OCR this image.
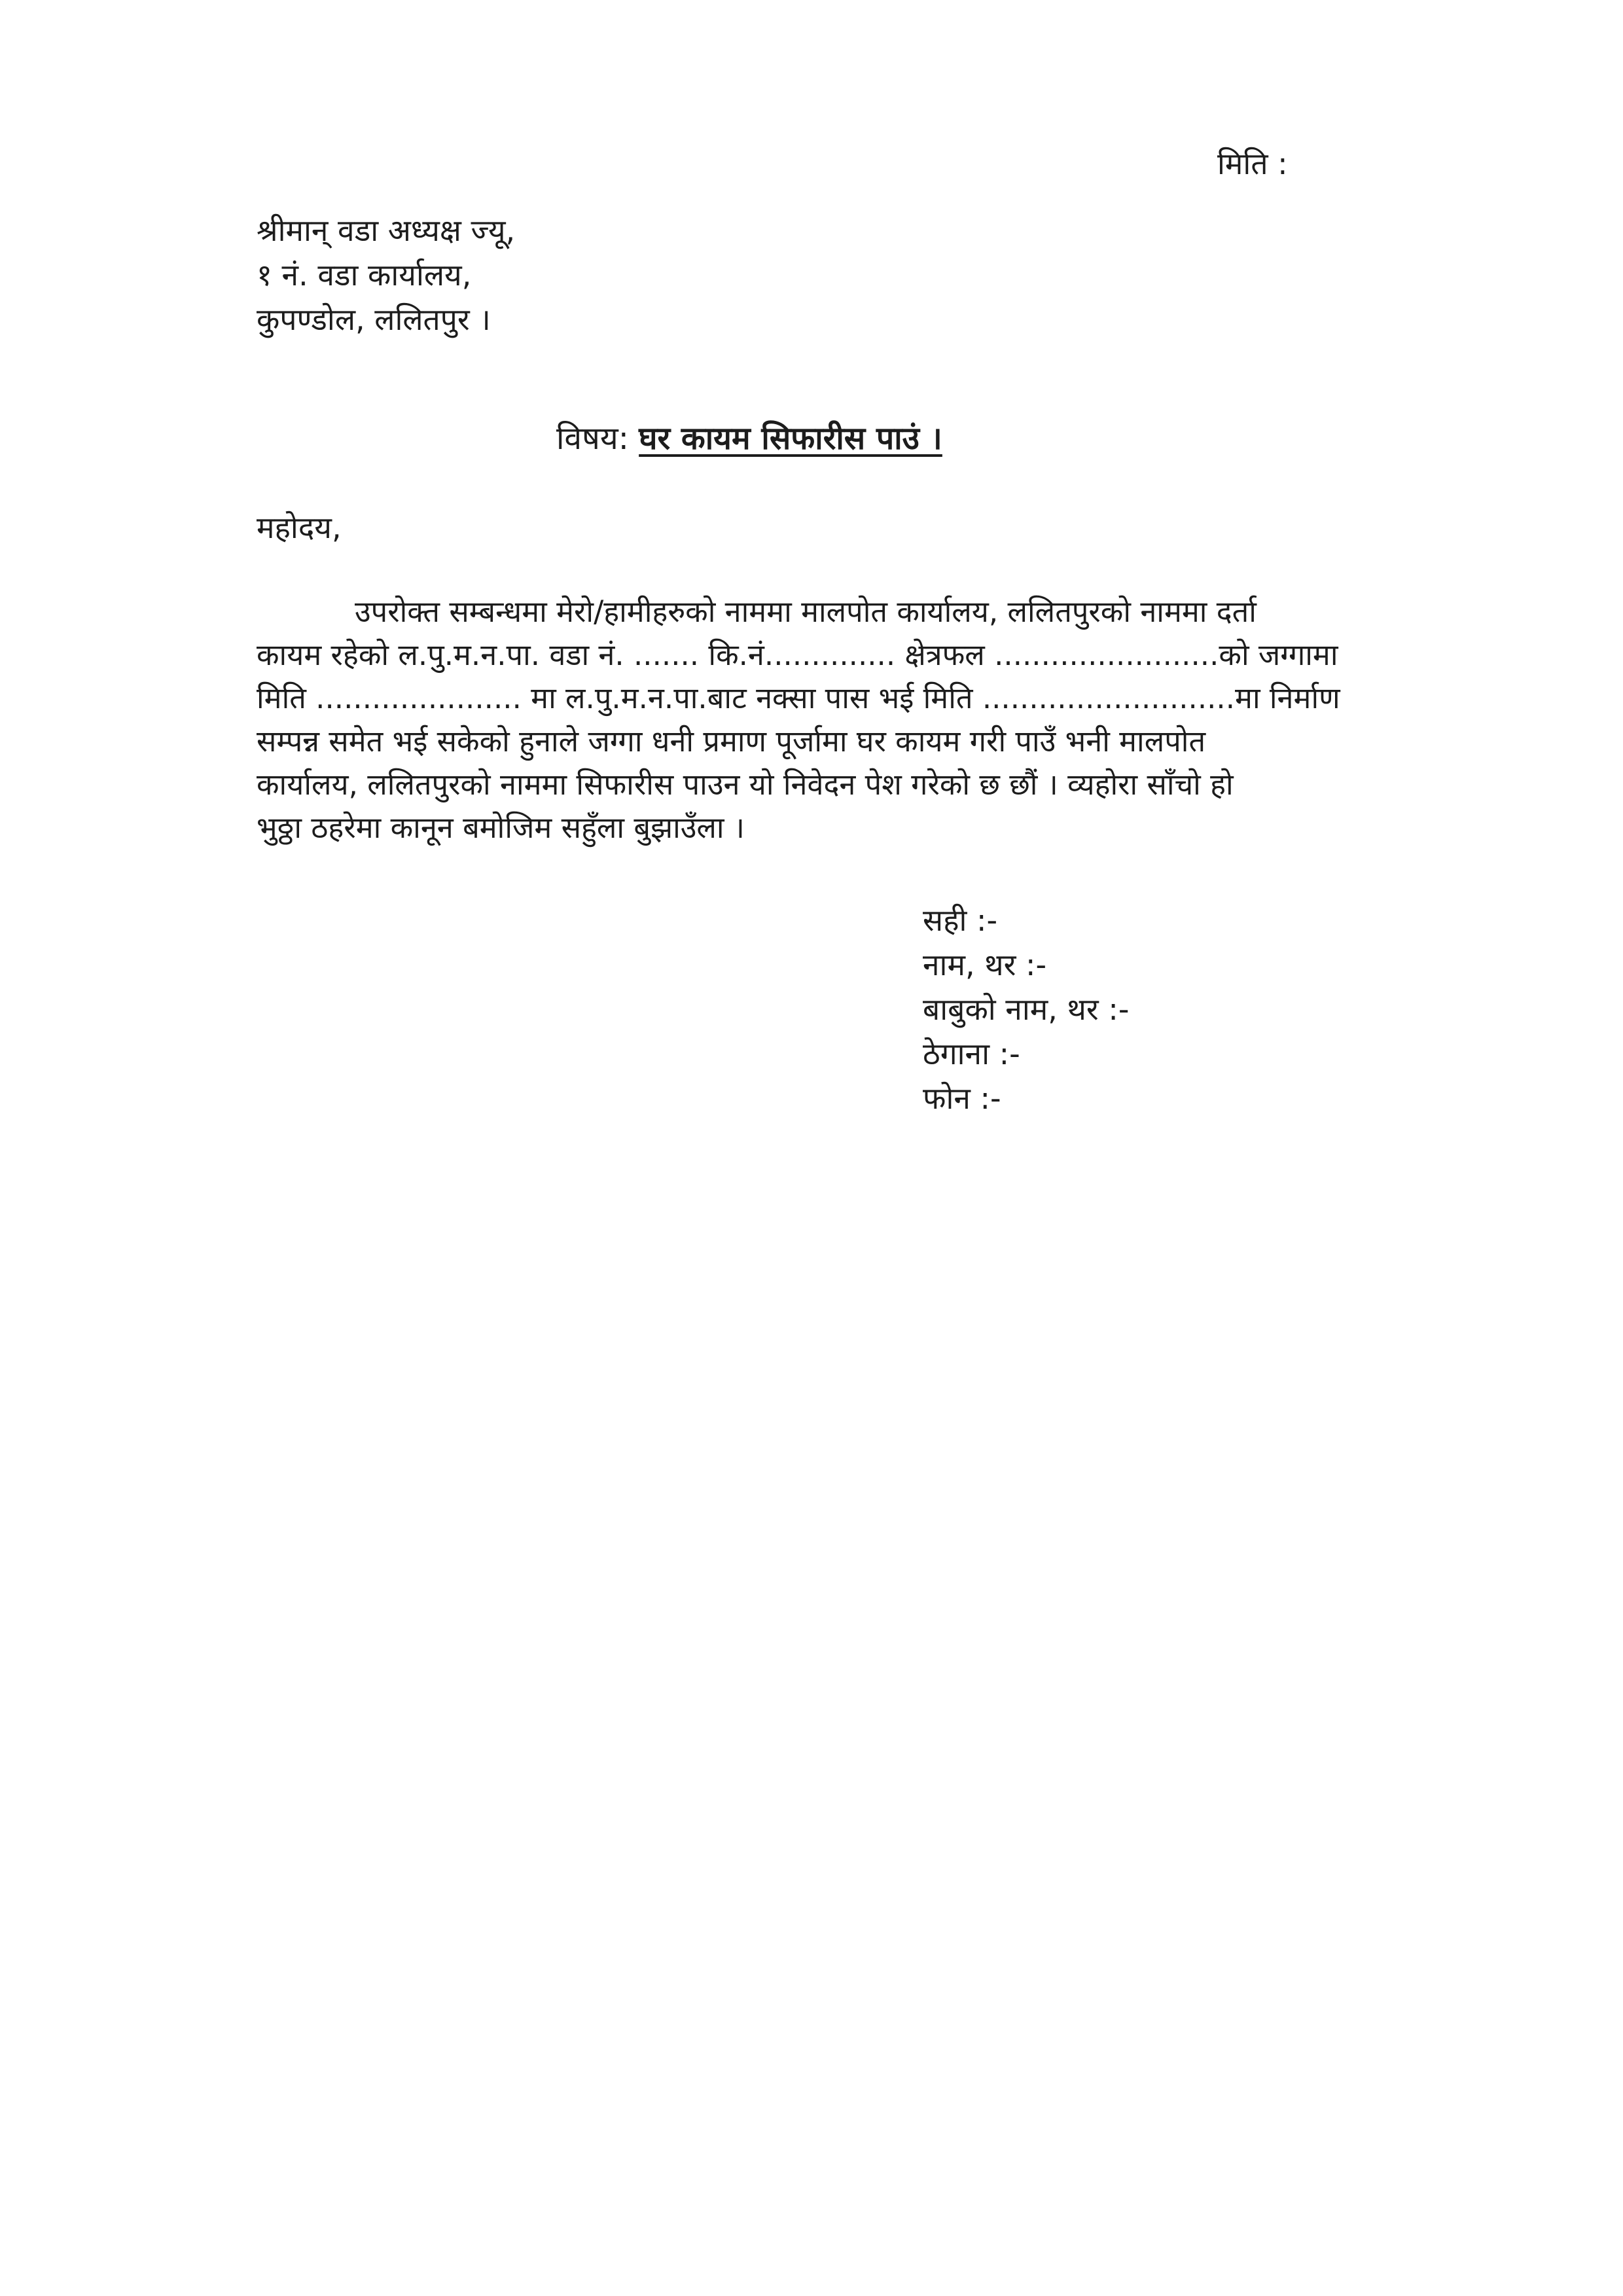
मिति :
श्रीमान् वडा अध्यक्ष ज्यू,
१ नं. वडा कार्यालय,
कुपण्डोल, ललितपुर ।
विषय: घर कायम सिफारीस पाउं ।
महोदय,
उपरोक्त सम्बन्धमा मेरो/हामीहरुको नाममा मालपोत कार्यालय, ललितपुरको नाममा दर्ता
कायम रहेको ल.पु.म.न.पा. वडा नं. ....... कि.नं.............. क्षेत्रफल ........................को जग्गामा
मिति ...................... मा ल.पु.म.न.पा.बाट नक्सा पास भई मिति ...........................मा निर्माण
सम्पन्न समेत भई सकेको हुनाले जग्गा धनी प्रमाण पूर्जामा घर कायम गरी पाउँ भनी मालपोत
कार्यालय, ललितपुरको नाममा सिफारीस पाउन यो निवेदन पेश गरेको छ छौं । व्यहोरा साँचो हो
भुठ्ठा ठहरेमा कानून बमोजिम सहुँला बुझाउँला ।
सही :-
नाम, थर :-
बाबुको नाम, थर :-
ठेगाना :-
फोन :-
